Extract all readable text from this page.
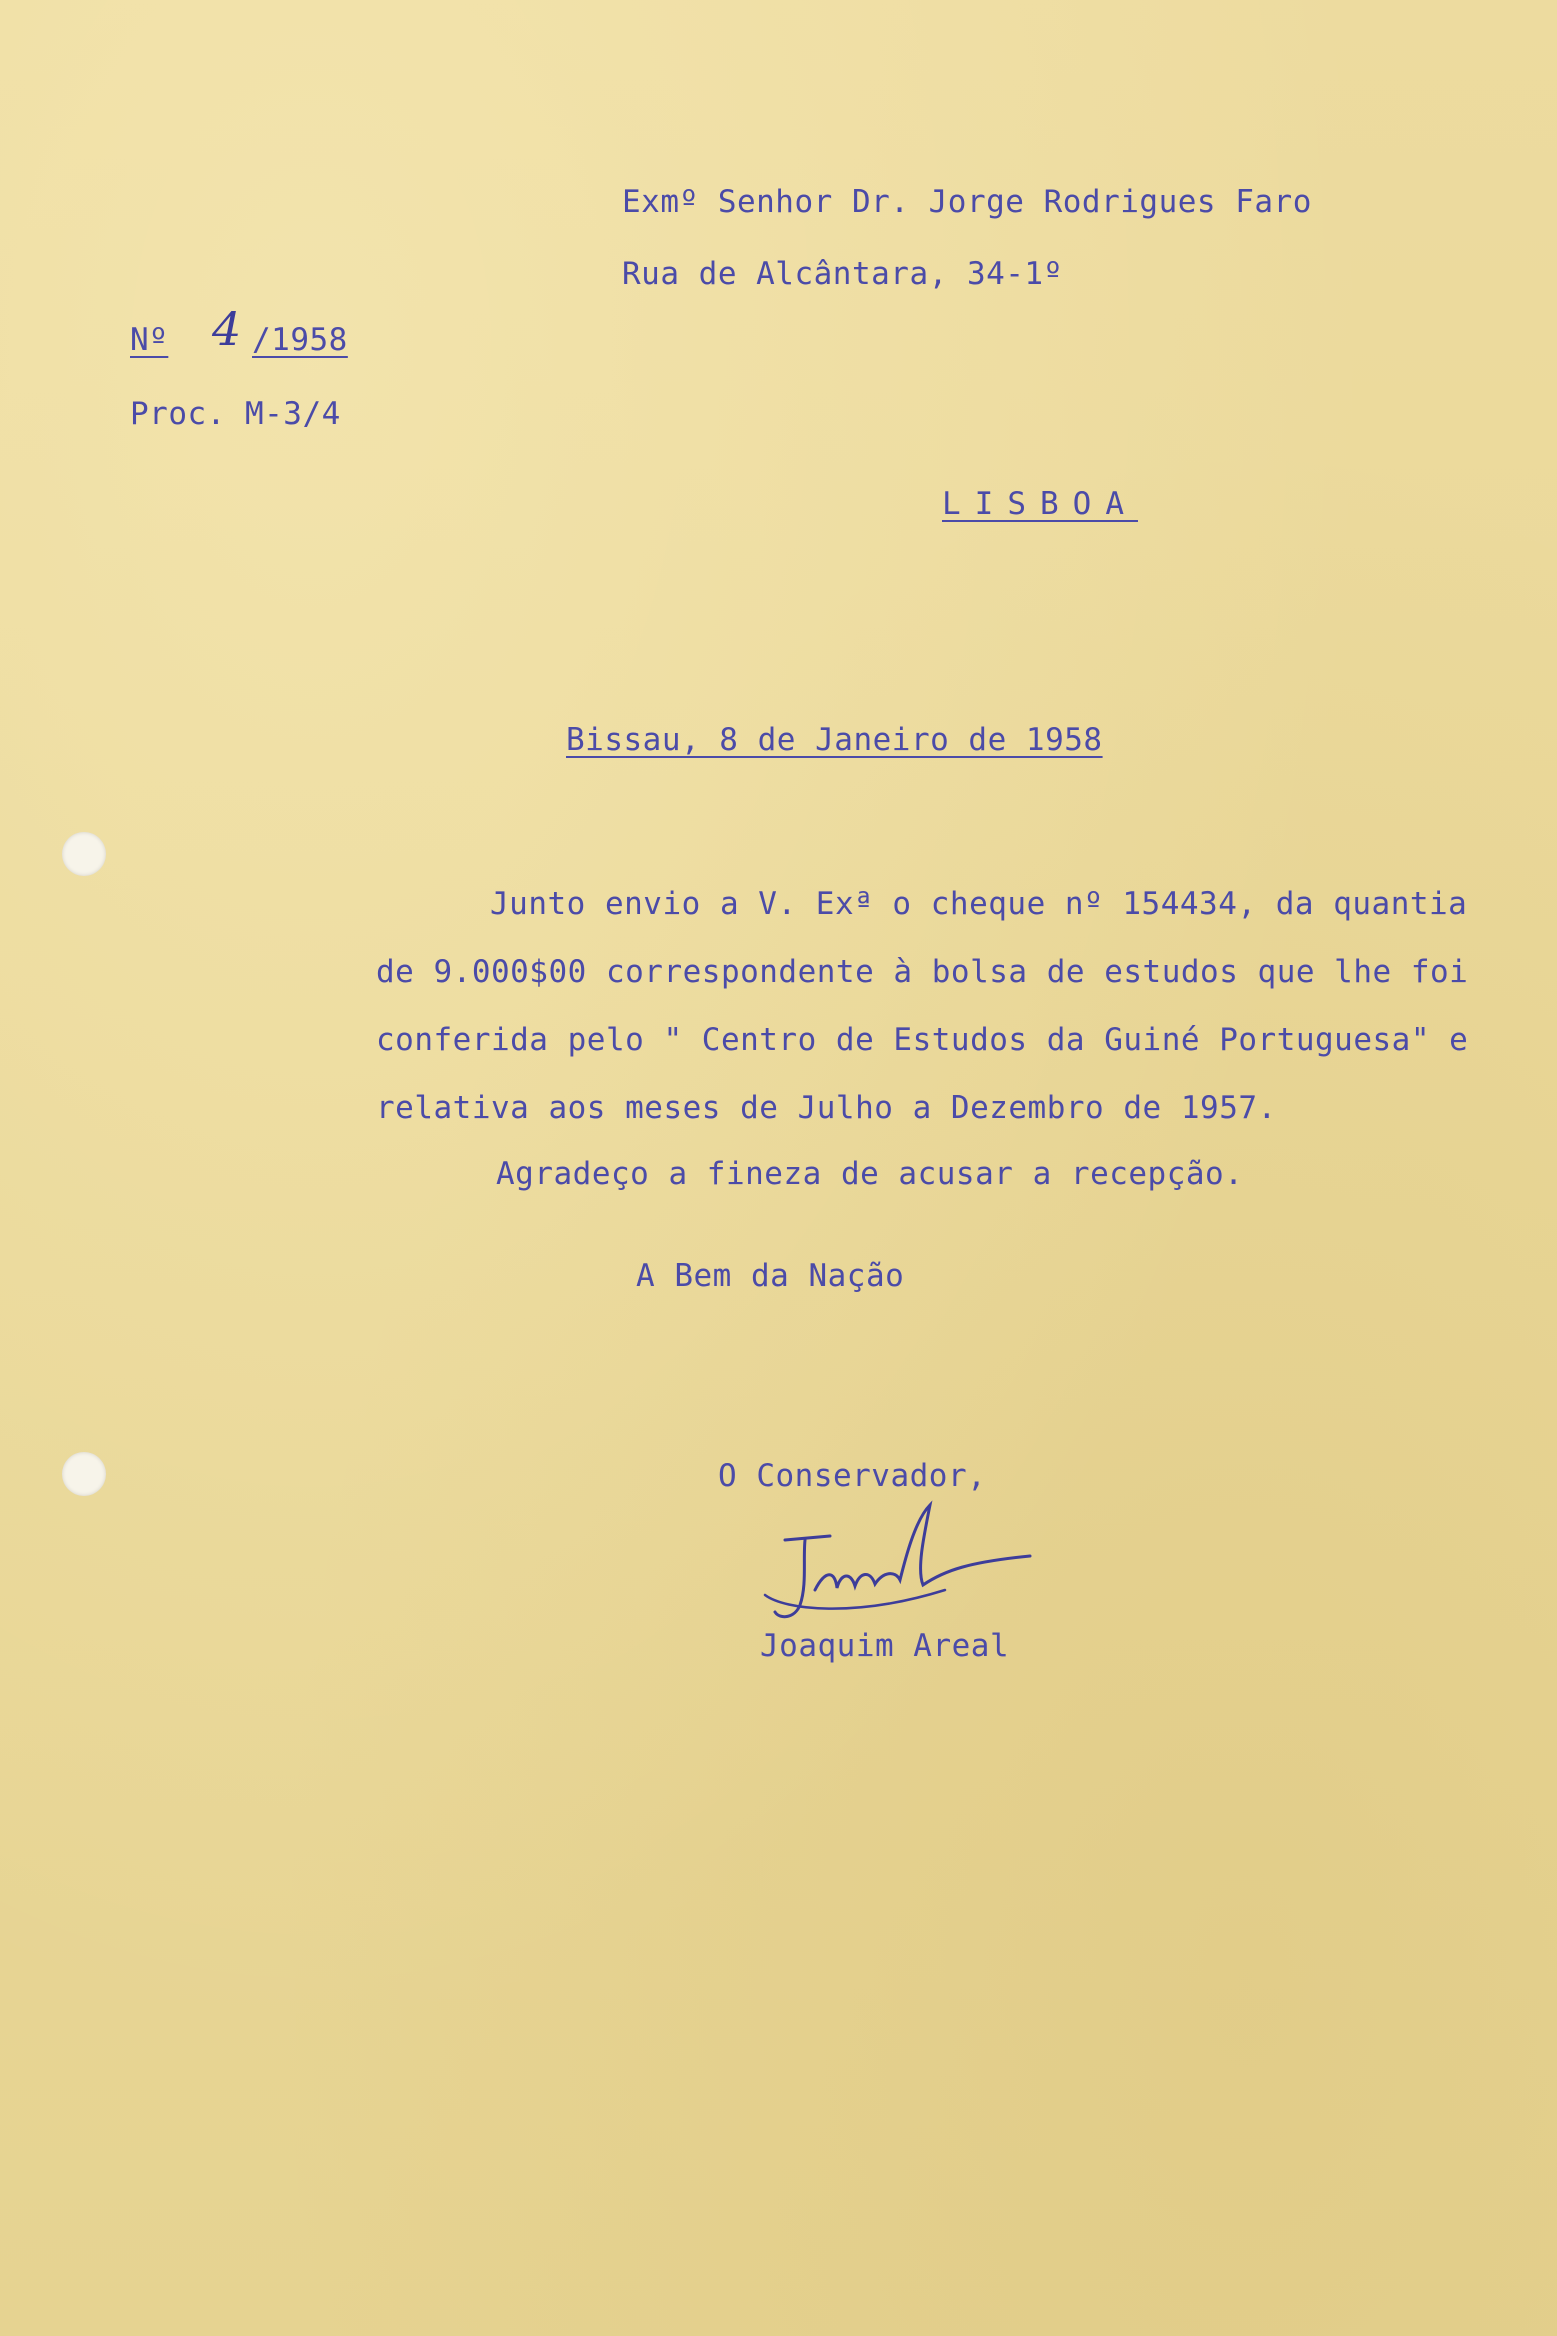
Exmº Senhor Dr. Jorge Rodrigues Faro
Rua de Alcântara, 34-1º
Nº 4 /1958
Proc. M-3/4
LISBOA
Bissau, 8 de Janeiro de 1958
Junto envio a V. Exª o cheque nº 154434, da quantia
de 9.000$00 correspondente à bolsa de estudos que lhe foi
conferida pelo " Centro de Estudos da Guiné Portuguesa" e
relativa aos meses de Julho a Dezembro de 1957.
Agradeço a fineza de acusar a recepção.
A Bem da Nação
O Conservador,
Joaquim Areal
